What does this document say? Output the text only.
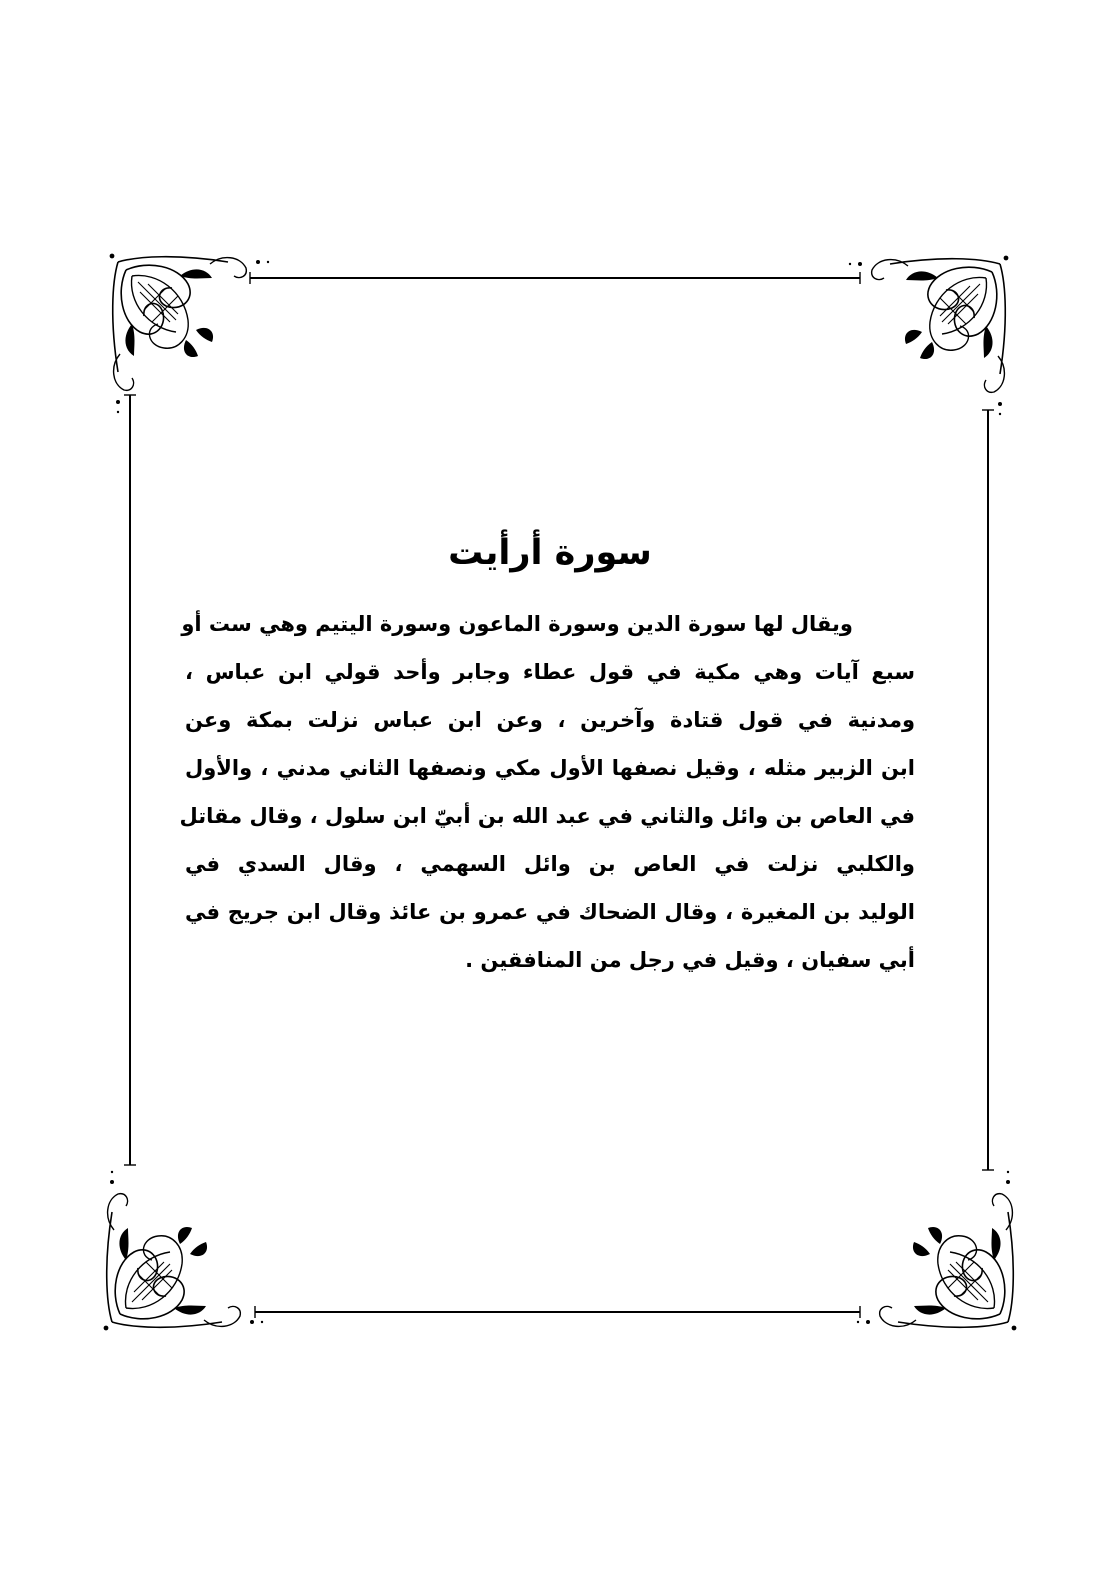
سورة أرأيت
ويقال لها سورة الدين وسورة الماعون وسورة اليتيم وهي ست أو
سبع آيات وهي مكية في قول عطاء وجابر وأحد قولي ابن عباس ،
ومدنية في قول قتادة وآخرين ، وعن ابن عباس نزلت بمكة وعن
ابن الزبير مثله ، وقيل نصفها الأول مكي ونصفها الثاني مدني ، والأول
في العاص بن وائل والثاني في عبد الله بن أبيّ ابن سلول ، وقال مقاتل
والكلبي نزلت في العاص بن وائل السهمي ، وقال السدي في
الوليد بن المغيرة ، وقال الضحاك في عمرو بن عائذ وقال ابن جريج في
أبي سفيان ، وقيل في رجل من المنافقين .
